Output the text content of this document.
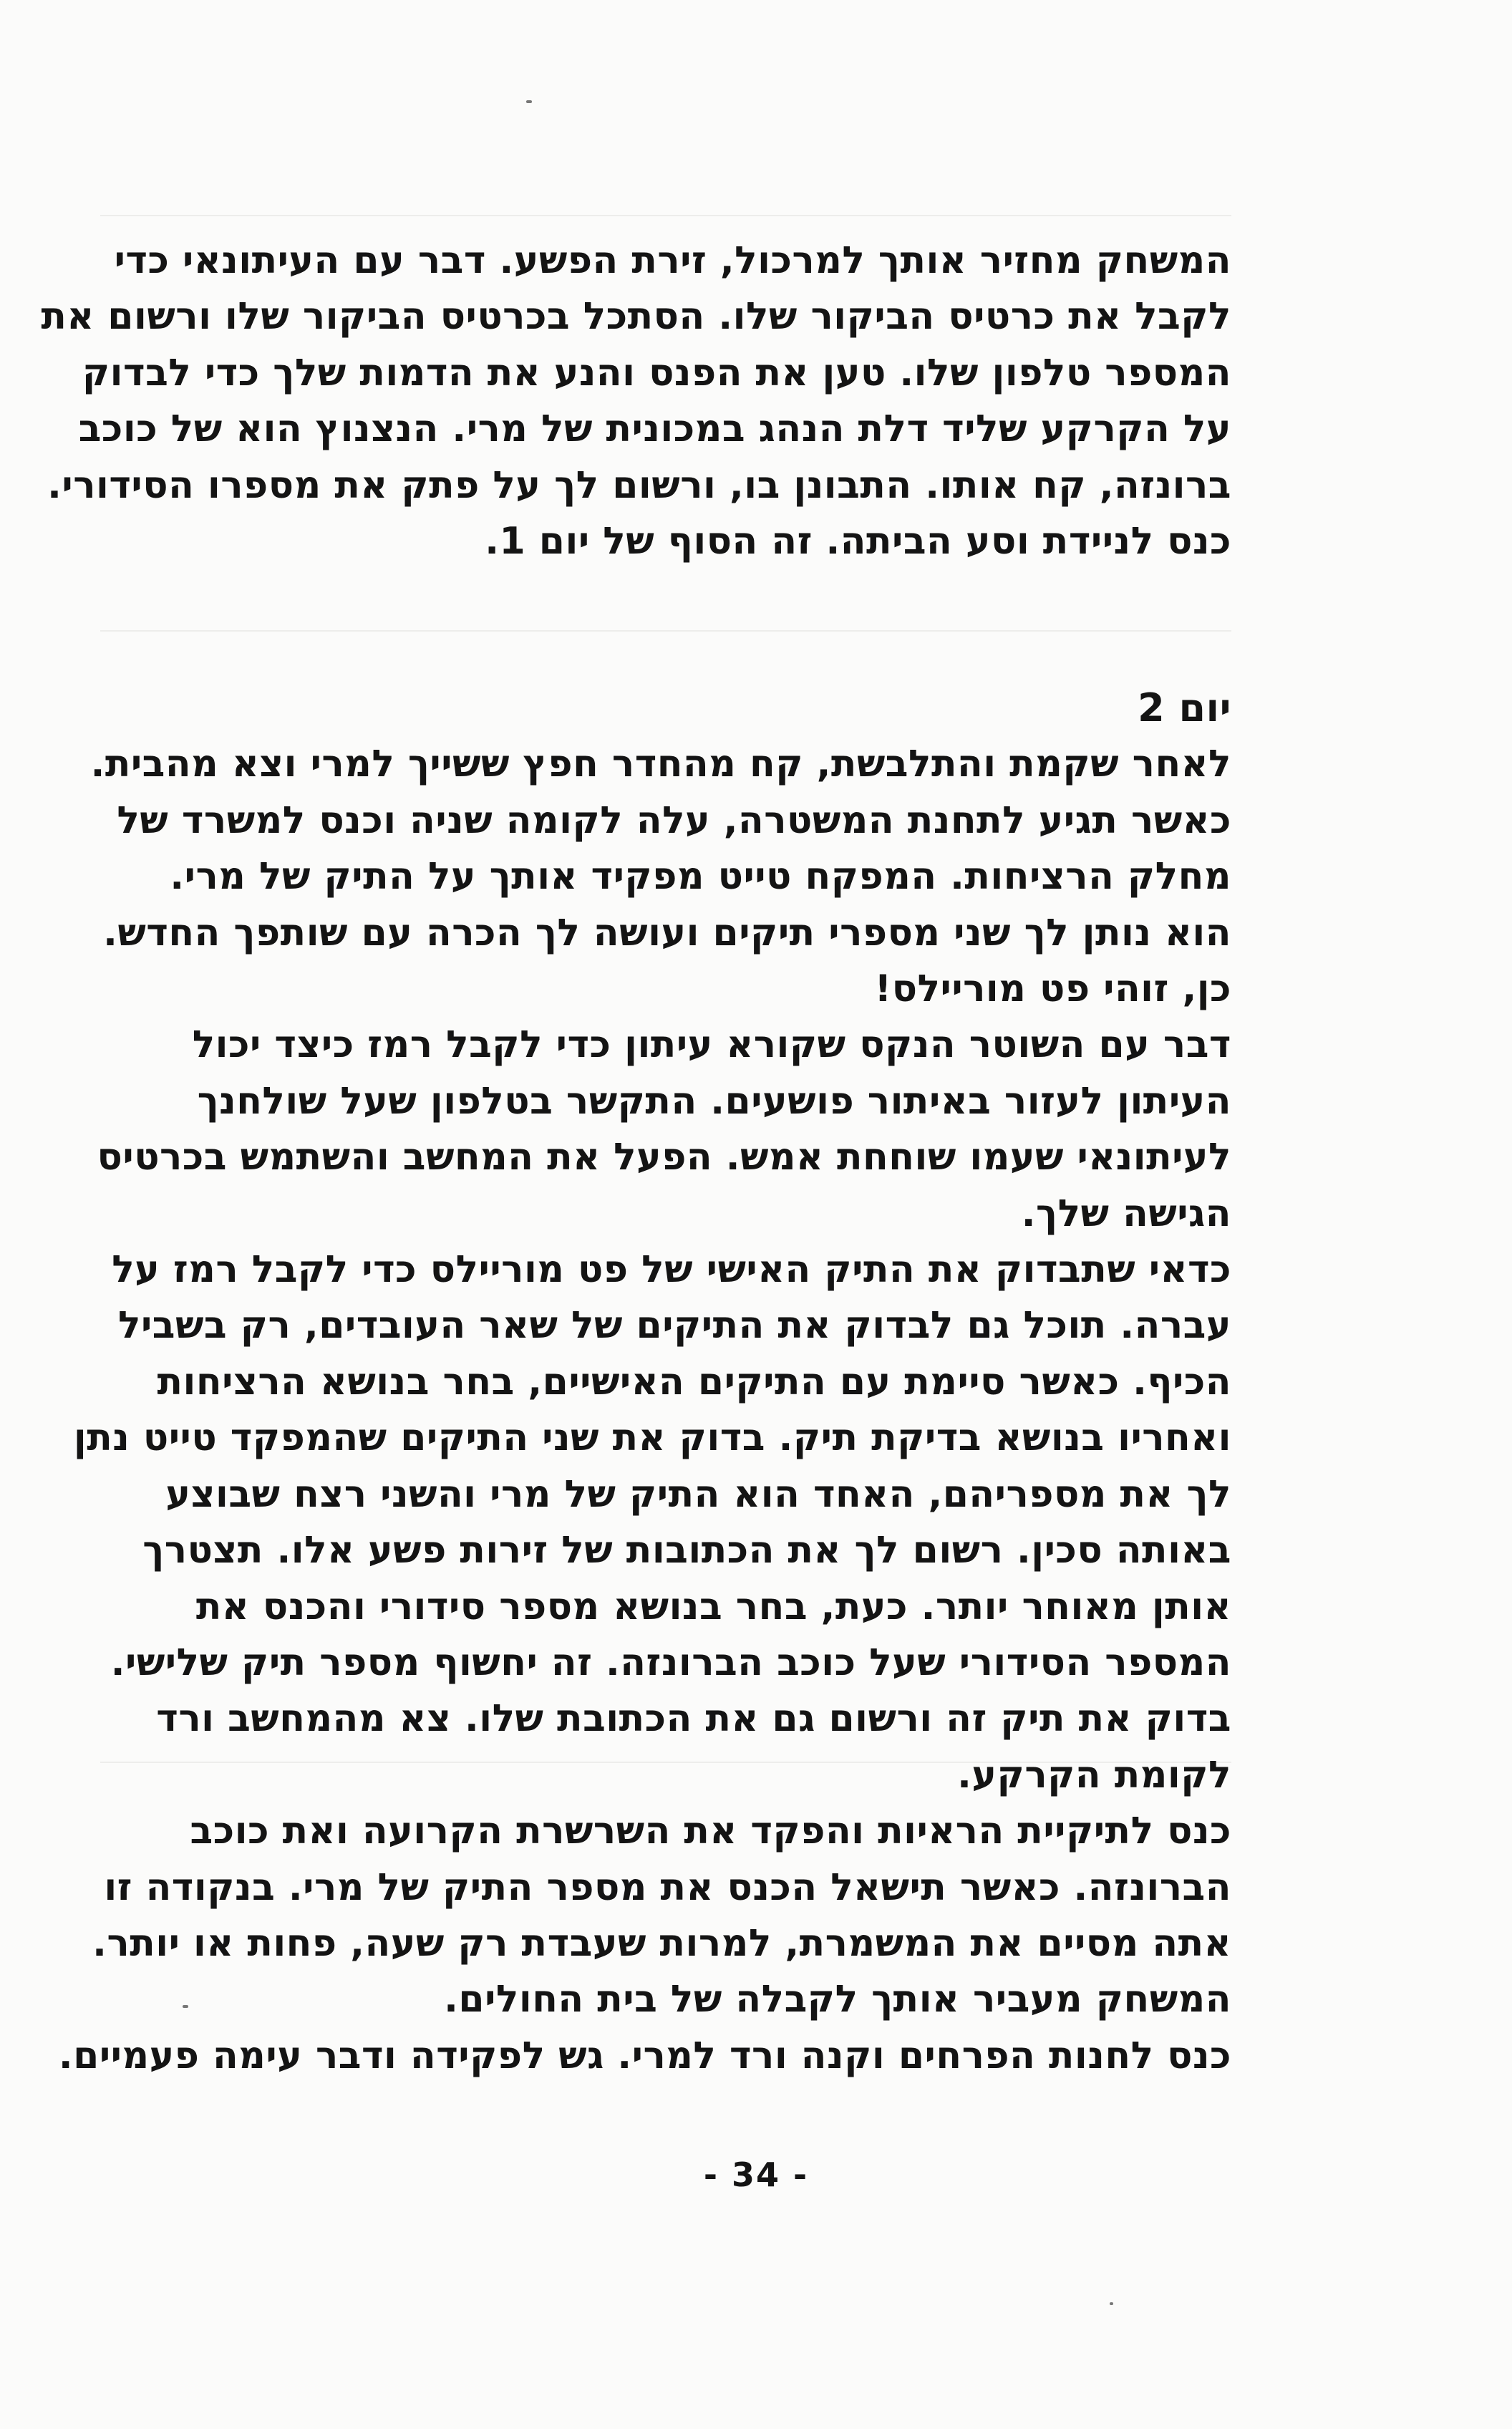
המשחק מחזיר אותך למרכול, זירת הפשע. דבר עם העיתונאי כדי
לקבל את כרטיס הביקור שלו. הסתכל בכרטיס הביקור שלו ורשום את
המספר טלפון שלו. טען את הפנס והנע את הדמות שלך כדי לבדוק
על הקרקע שליד דלת הנהג במכונית של מרי. הנצנוץ הוא של כוכב
ברונזה, קח אותו. התבונן בו, ורשום לך על פתק את מספרו הסידורי.
כנס לניידת וסע הביתה. זה הסוף של יום 1.
יום 2
לאחר שקמת והתלבשת, קח מהחדר חפץ ששייך למרי וצא מהבית.
כאשר תגיע לתחנת המשטרה, עלה לקומה שניה וכנס למשרד של
מחלק הרציחות. המפקח טייט מפקיד אותך על התיק של מרי.
הוא נותן לך שני מספרי תיקים ועושה לך הכרה עם שותפך החדש.
כן, זוהי פט מוריילס!
דבר עם השוטר הנקס שקורא עיתון כדי לקבל רמז כיצד יכול
העיתון לעזור באיתור פושעים. התקשר בטלפון שעל שולחנך
לעיתונאי שעמו שוחחת אמש. הפעל את המחשב והשתמש בכרטיס
הגישה שלך.
כדאי שתבדוק את התיק האישי של פט מוריילס כדי לקבל רמז על
עברה. תוכל גם לבדוק את התיקים של שאר העובדים, רק בשביל
הכיף. כאשר סיימת עם התיקים האישיים, בחר בנושא הרציחות
ואחריו בנושא בדיקת תיק. בדוק את שני התיקים שהמפקד טייט נתן
לך את מספריהם, האחד הוא התיק של מרי והשני רצח שבוצע
באותה סכין. רשום לך את הכתובות של זירות פשע אלו. תצטרך
אותן מאוחר יותר. כעת, בחר בנושא מספר סידורי והכנס את
המספר הסידורי שעל כוכב הברונזה. זה יחשוף מספר תיק שלישי.
בדוק את תיק זה ורשום גם את הכתובת שלו. צא מהמחשב ורד
לקומת הקרקע.
כנס לתיקיית הראיות והפקד את השרשרת הקרועה ואת כוכב
הברונזה. כאשר תישאל הכנס את מספר התיק של מרי. בנקודה זו
אתה מסיים את המשמרת, למרות שעבדת רק שעה, פחות או יותר.
המשחק מעביר אותך לקבלה של בית החולים.
כנס לחנות הפרחים וקנה ורד למרי. גש לפקידה ודבר עימה פעמיים.
- 34 -
